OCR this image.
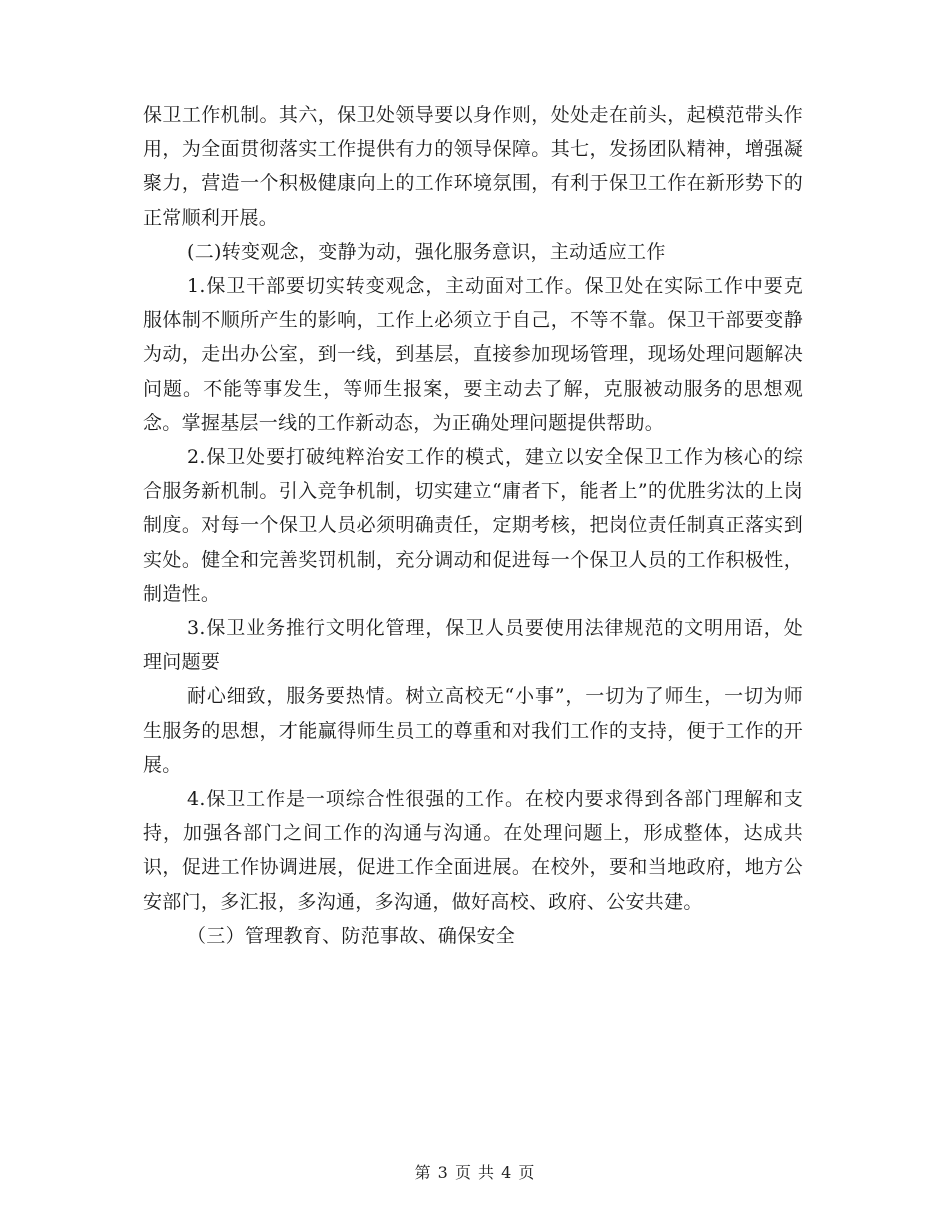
保卫工作机制。其六，保卫处领导要以身作则，处处走在前头，起模范带头作用，为全面贯彻落实工作提供有力的领导保障。其七，发扬团队精神，增强凝聚力，营造一个积极健康向上的工作环境氛围，有利于保卫工作在新形势下的正常顺利开展。

(二)转变观念，变静为动，强化服务意识，主动适应工作

1.保卫干部要切实转变观念，主动面对工作。保卫处在实际工作中要克服体制不顺所产生的影响，工作上必须立于自己，不等不靠。保卫干部要变静为动，走出办公室，到一线，到基层，直接参加现场管理，现场处理问题解决问题。不能等事发生，等师生报案，要主动去了解，克服被动服务的思想观念。掌握基层一线的工作新动态，为正确处理问题提供帮助。

2.保卫处要打破纯粹治安工作的模式，建立以安全保卫工作为核心的综合服务新机制。引入竞争机制，切实建立“庸者下，能者上”的优胜劣汰的上岗制度。对每一个保卫人员必须明确责任，定期考核，把岗位责任制真正落实到实处。健全和完善奖罚机制，充分调动和促进每一个保卫人员的工作积极性，制造性。

3.保卫业务推行文明化管理，保卫人员要使用法律规范的文明用语，处理问题要

耐心细致，服务要热情。树立高校无“小事”，一切为了师生，一切为师生服务的思想，才能赢得师生员工的尊重和对我们工作的支持，便于工作的开展。

4.保卫工作是一项综合性很强的工作。在校内要求得到各部门理解和支持，加强各部门之间工作的沟通与沟通。在处理问题上，形成整体，达成共识，促进工作协调进展，促进工作全面进展。在校外，要和当地政府，地方公安部门，多汇报，多沟通，多沟通，做好高校、政府、公安共建。

（三）管理教育、防范事故、确保安全

第 3 页 共 4 页
